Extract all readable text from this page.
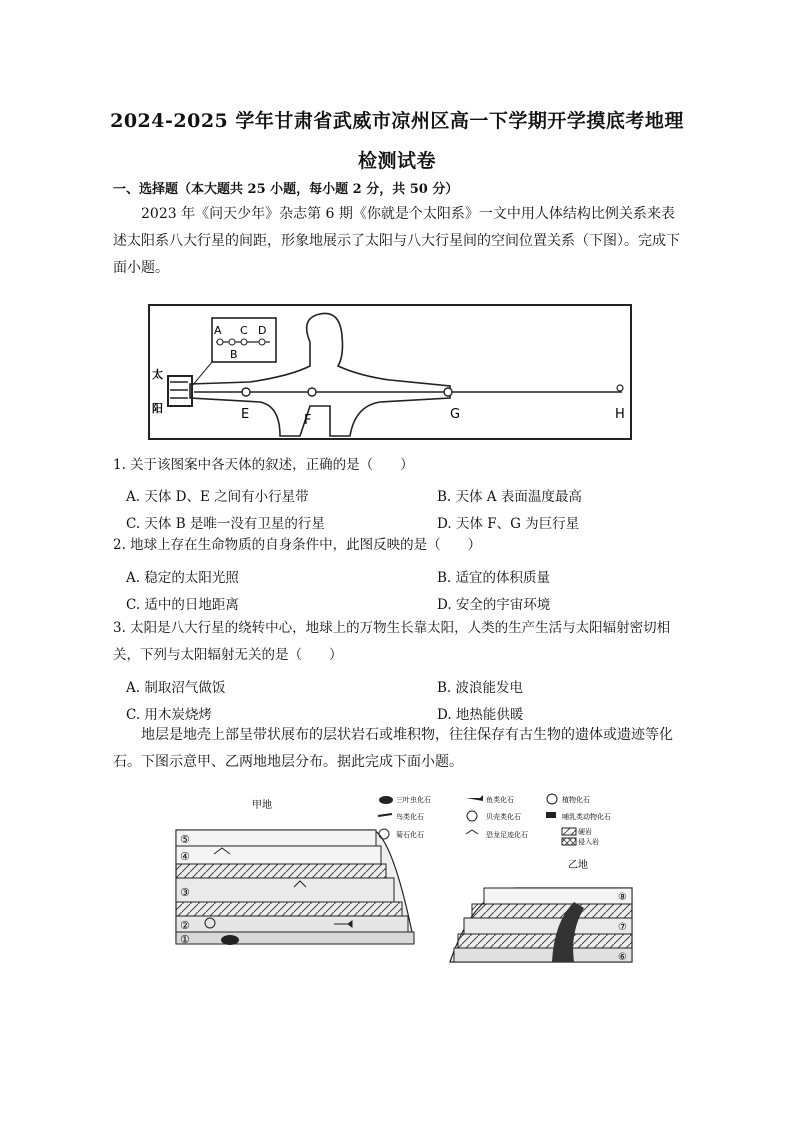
2024-2025 学年甘肃省武威市凉州区高一下学期开学摸底考地理
检测试卷
一、选择题（本大题共 25 小题，每小题 2 分，共 50 分）
2023 年《问天少年》杂志第 6 期《你就是个太阳系》一文中用人体结构比例关系来表述太阳系八大行星的间距，形象地展示了太阳与八大行星间的空间位置关系（下图）。完成下面小题。
太
阳
A C D
B
E	F	G	H
1. 关于该图案中各天体的叙述，正确的是（　　）
A. 天体 D、E 之间有小行星带	B. 天体 A 表面温度最高
C. 天体 B 是唯一没有卫星的行星	D. 天体 F、G 为巨行星
2. 地球上存在生命物质的自身条件中，此图反映的是（　　）
A. 稳定的太阳光照	B. 适宜的体积质量
C. 适中的日地距离	D. 安全的宇宙环境
3. 太阳是八大行星的绕转中心，地球上的万物生长靠太阳，人类的生产生活与太阳辐射密切相关，下列与太阳辐射无关的是（　　）
A. 制取沼气做饭	B. 波浪能发电
C. 用木炭烧烤	D. 地热能供暖
地层是地壳上部呈带状展布的层状岩石或堆积物，往往保存有古生物的遗体或遗迹等化石。下图示意甲、乙两地地层分布。据此完成下面小题。
甲地
⑤
④
③
②
①
三叶虫化石	鱼类化石	植物化石
鸟类化石	贝壳类化石	哺乳类动物化石
菊石化石	恐龙足迹化石	硬岩
侵入岩
乙地
⑧
⑦
⑥
